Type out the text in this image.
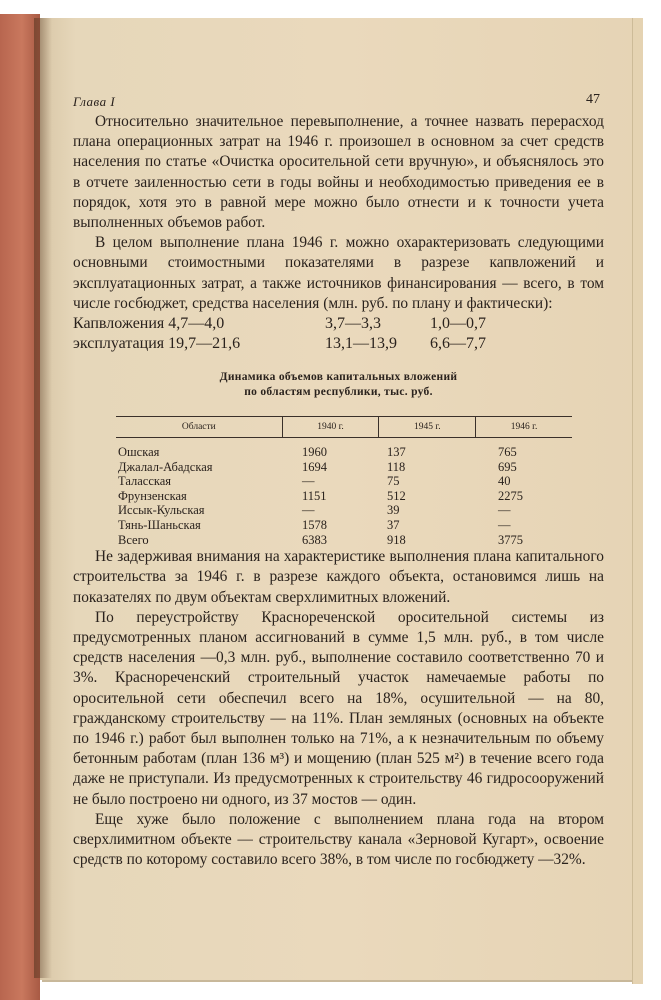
Глава I	47

Относительно значительное перевыполнение, а точнее назвать перерасход плана операционных затрат на 1946 г. произошел в основном за счет средств населения по статье «Очистка оросительной сети вручную», и объяснялось это в отчете заиленностью сети в годы войны и необходимостью приведения ее в порядок, хотя это в равной мере можно было отнести и к точности учета выполненных объемов работ.

В целом выполнение плана 1946 г. можно охарактеризовать следующими основными стоимостными показателями в разрезе капвложений и эксплуатационных затрат, а также источников финансирования — всего, в том числе госбюджет, средства населения (млн. руб. по плану и фактически):

Капвложения 4,7—4,0	3,7—3,3	1,0—0,7
эксплуатация 19,7—21,6	13,1—13,9	6,6—7,7
Динамика объемов капитальных вложений
по областям республики, тыс. руб.
Области	1940 г.	1945 г.	1946 г.
Ошская	1960	137	765
Джалал-Абадская	1694	118	695
Таласская	—	75	40
Фрунзенская	1151	512	2275
Иссык-Кульская	—	39	—
Тянь-Шаньская	1578	37	—
Всего	6383	918	3775

Не задерживая внимания на характеристике выполнения плана капитального строительства за 1946 г. в разрезе каждого объекта, остановимся лишь на показателях по двум объектам сверхлимитных вложений.

По переустройству Краснореченской оросительной системы из предусмотренных планом ассигнований в сумме 1,5 млн. руб., в том числе средств населения —0,3 млн. руб., выполнение составило соответственно 70 и 3%. Краснореченский строительный участок намечаемые работы по оросительной сети обеспечил всего на 18%, осушительной — на 80, гражданскому строительству — на 11%. План земляных (основных на объекте по 1946 г.) работ был выполнен только на 71%, а к незначительным по объему бетонным работам (план 136 м³) и мощению (план 525 м²) в течение всего года даже не приступали. Из предусмотренных к строительству 46 гидросооружений не было построено ни одного, из 37 мостов — один.

Еще хуже было положение с выполнением плана года на втором сверхлимитном объекте — строительству канала «Зерновой Кугарт», освоение средств по которому составило всего 38%, в том числе по госбюджету —32%.
